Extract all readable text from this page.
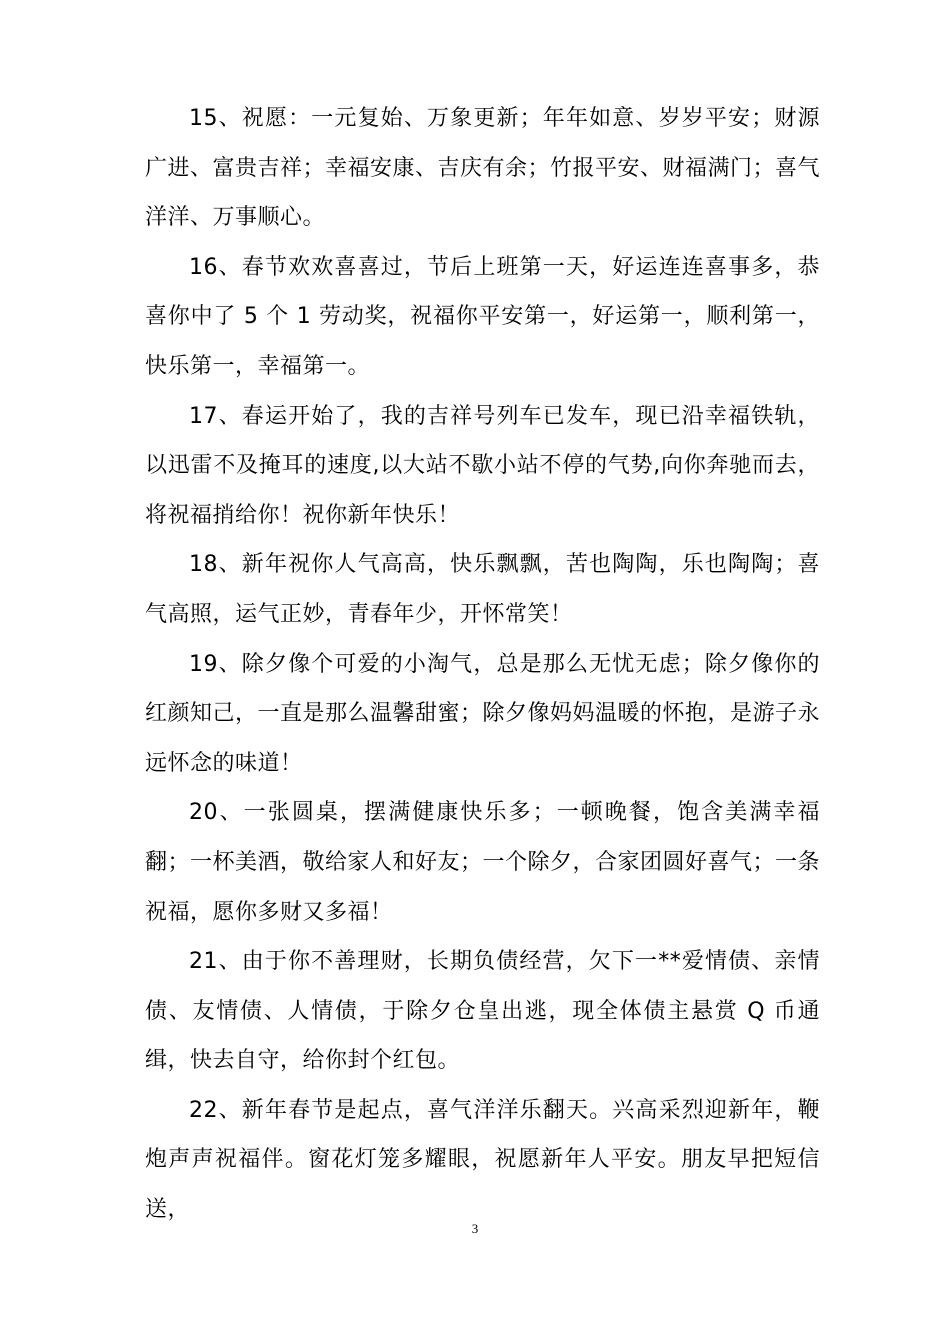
15、祝愿：一元复始、万象更新；年年如意、岁岁平安；财源广进、富贵吉祥；幸福安康、吉庆有余；竹报平安、财福满门；喜气洋洋、万事顺心。

16、春节欢欢喜喜过，节后上班第一天，好运连连喜事多，恭喜你中了 5 个 1 劳动奖，祝福你平安第一，好运第一，顺利第一，快乐第一，幸福第一。

17、春运开始了，我的吉祥号列车已发车，现已沿幸福铁轨，以迅雷不及掩耳的速度,以大站不歇小站不停的气势,向你奔驰而去，将祝福捎给你！祝你新年快乐！

18、新年祝你人气高高，快乐飘飘，苦也陶陶，乐也陶陶；喜气高照，运气正妙，青春年少，开怀常笑！

19、除夕像个可爱的小淘气，总是那么无忧无虑；除夕像你的红颜知己，一直是那么温馨甜蜜；除夕像妈妈温暖的怀抱，是游子永远怀念的味道！

20、一张圆桌，摆满健康快乐多；一顿晚餐，饱含美满幸福翻；一杯美酒，敬给家人和好友；一个除夕，合家团圆好喜气；一条祝福，愿你多财又多福！

21、由于你不善理财，长期负债经营，欠下一**爱情债、亲情债、友情债、人情债，于除夕仓皇出逃，现全体债主悬赏 Q 币通缉，快去自守，给你封个红包。

22、新年春节是起点，喜气洋洋乐翻天。兴高采烈迎新年，鞭炮声声祝福伴。窗花灯笼多耀眼，祝愿新年人平安。朋友早把短信送，

3
